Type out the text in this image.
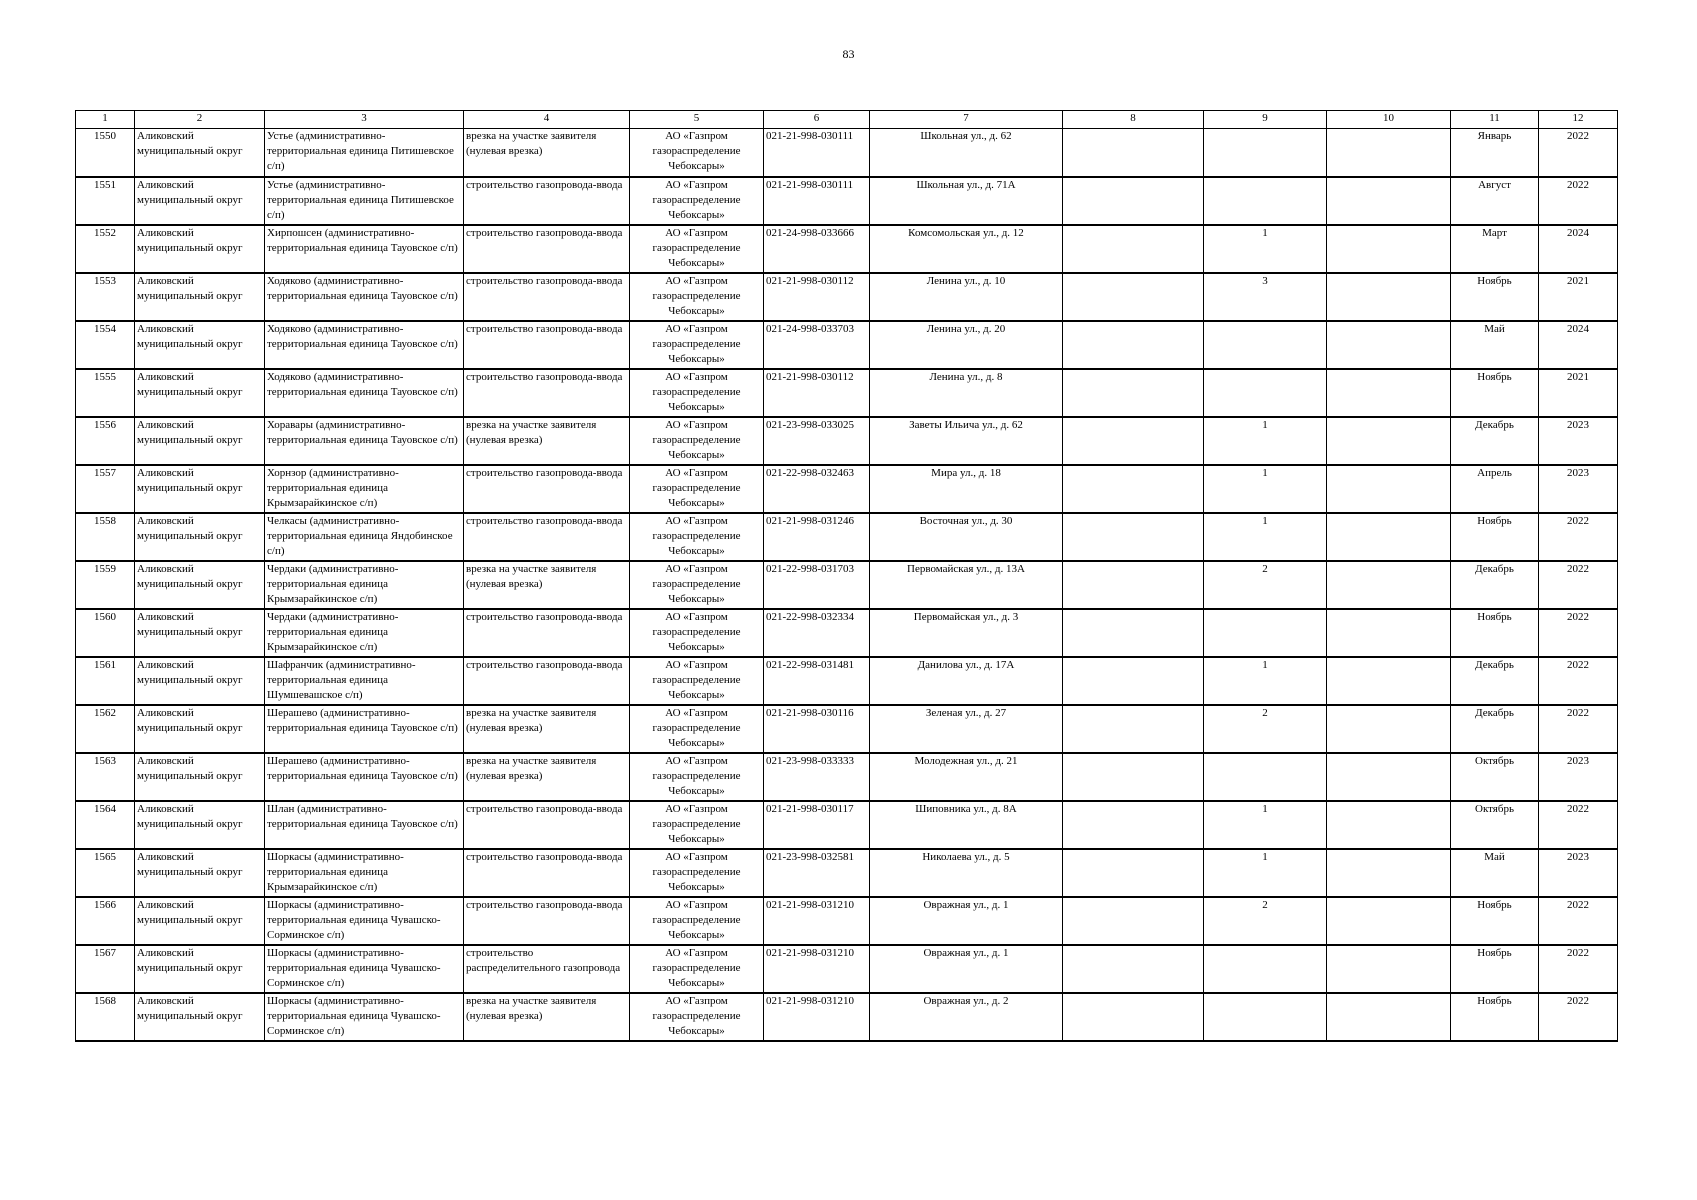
83
1	2	3	4	5	6	7	8	9	10	11	12
1550	Аликовский муниципальный округ	Устье (административно-территориальная единица Питишевское с/п)	врезка на участке заявителя (нулевая врезка)	АО «Газпром газораспределение Чебоксары»	021-21-998-030111	Школьная ул., д. 62				Январь	2022
1551	Аликовский муниципальный округ	Устье (административно-территориальная единица Питишевское с/п)	строительство газопровода-ввода	АО «Газпром газораспределение Чебоксары»	021-21-998-030111	Школьная ул., д. 71А				Август	2022
1552	Аликовский муниципальный округ	Хирпошсен (административно-территориальная единица Тауовское с/п)	строительство газопровода-ввода	АО «Газпром газораспределение Чебоксары»	021-24-998-033666	Комсомольская ул., д. 12		1		Март	2024
1553	Аликовский муниципальный округ	Ходяково (административно-территориальная единица Тауовское с/п)	строительство газопровода-ввода	АО «Газпром газораспределение Чебоксары»	021-21-998-030112	Ленина ул., д. 10		3		Ноябрь	2021
1554	Аликовский муниципальный округ	Ходяково (административно-территориальная единица Тауовское с/п)	строительство газопровода-ввода	АО «Газпром газораспределение Чебоксары»	021-24-998-033703	Ленина ул., д. 20				Май	2024
1555	Аликовский муниципальный округ	Ходяково (административно-территориальная единица Тауовское с/п)	строительство газопровода-ввода	АО «Газпром газораспределение Чебоксары»	021-21-998-030112	Ленина ул., д. 8				Ноябрь	2021
1556	Аликовский муниципальный округ	Хоравары (административно-территориальная единица Тауовское с/п)	врезка на участке заявителя (нулевая врезка)	АО «Газпром газораспределение Чебоксары»	021-23-998-033025	Заветы Ильича ул., д. 62		1		Декабрь	2023
1557	Аликовский муниципальный округ	Хорнзор (административно-территориальная единица Крымзарайкинское с/п)	строительство газопровода-ввода	АО «Газпром газораспределение Чебоксары»	021-22-998-032463	Мира ул., д. 18		1		Апрель	2023
1558	Аликовский муниципальный округ	Челкасы (административно-территориальная единица Яндобинское с/п)	строительство газопровода-ввода	АО «Газпром газораспределение Чебоксары»	021-21-998-031246	Восточная ул., д. 30		1		Ноябрь	2022
1559	Аликовский муниципальный округ	Чердаки (административно-территориальная единица Крымзарайкинское с/п)	врезка на участке заявителя (нулевая врезка)	АО «Газпром газораспределение Чебоксары»	021-22-998-031703	Первомайская ул., д. 13А		2		Декабрь	2022
1560	Аликовский муниципальный округ	Чердаки (административно-территориальная единица Крымзарайкинское с/п)	строительство газопровода-ввода	АО «Газпром газораспределение Чебоксары»	021-22-998-032334	Первомайская ул., д. 3				Ноябрь	2022
1561	Аликовский муниципальный округ	Шафранчик (административно-территориальная единица Шумшевашское с/п)	строительство газопровода-ввода	АО «Газпром газораспределение Чебоксары»	021-22-998-031481	Данилова ул., д. 17А		1		Декабрь	2022
1562	Аликовский муниципальный округ	Шерашево (административно-территориальная единица Тауовское с/п)	врезка на участке заявителя (нулевая врезка)	АО «Газпром газораспределение Чебоксары»	021-21-998-030116	Зеленая ул., д. 27		2		Декабрь	2022
1563	Аликовский муниципальный округ	Шерашево (административно-территориальная единица Тауовское с/п)	врезка на участке заявителя (нулевая врезка)	АО «Газпром газораспределение Чебоксары»	021-23-998-033333	Молодежная ул., д. 21				Октябрь	2023
1564	Аликовский муниципальный округ	Шлан (административно-территориальная единица Тауовское с/п)	строительство газопровода-ввода	АО «Газпром газораспределение Чебоксары»	021-21-998-030117	Шиповника ул., д. 8А		1		Октябрь	2022
1565	Аликовский муниципальный округ	Шоркасы (административно-территориальная единица Крымзарайкинское с/п)	строительство газопровода-ввода	АО «Газпром газораспределение Чебоксары»	021-23-998-032581	Николаева ул., д. 5		1		Май	2023
1566	Аликовский муниципальный округ	Шоркасы (административно-территориальная единица Чувашско-Сорминское с/п)	строительство газопровода-ввода	АО «Газпром газораспределение Чебоксары»	021-21-998-031210	Овражная ул., д. 1		2		Ноябрь	2022
1567	Аликовский муниципальный округ	Шоркасы (административно-территориальная единица Чувашско-Сорминское с/п)	строительство распределительного газопровода	АО «Газпром газораспределение Чебоксары»	021-21-998-031210	Овражная ул., д. 1				Ноябрь	2022
1568	Аликовский муниципальный округ	Шоркасы (административно-территориальная единица Чувашско-Сорминское с/п)	врезка на участке заявителя (нулевая врезка)	АО «Газпром газораспределение Чебоксары»	021-21-998-031210	Овражная ул., д. 2				Ноябрь	2022
